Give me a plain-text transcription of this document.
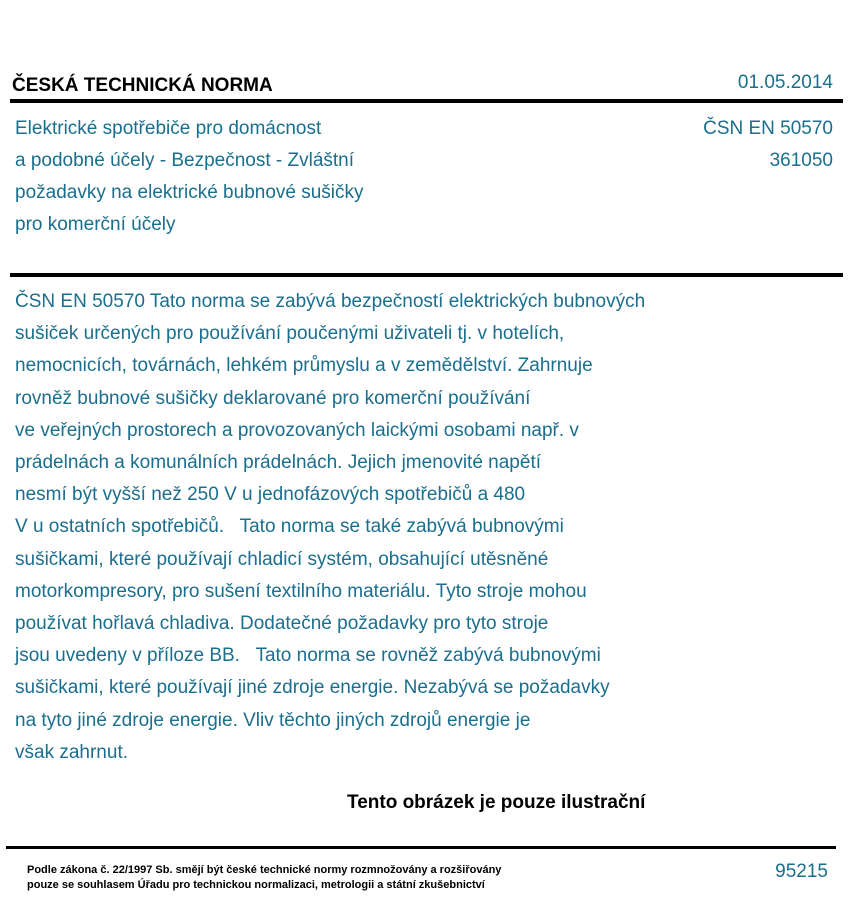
ČESKÁ TECHNICKÁ NORMA	01.05.2014
Elektrické spotřebiče pro domácnost
a podobné účely - Bezpečnost - Zvláštní
požadavky na elektrické bubnové sušičky
pro komerční účely
ČSN EN 50570
361050
ČSN EN 50570 Tato norma se zabývá bezpečností elektrických bubnových
sušiček určených pro používání poučenými uživateli tj. v hotelích,
nemocnicích, továrnách, lehkém průmyslu a v zemědělství. Zahrnuje
rovněž bubnové sušičky deklarované pro komerční používání
ve veřejných prostorech a provozovaných laickými osobami např. v
prádelnách a komunálních prádelnách. Jejich jmenovité napětí
nesmí být vyšší než 250 V u jednofázových spotřebičů a 480
V u ostatních spotřebičů.   Tato norma se také zabývá bubnovými
sušičkami, které používají chladicí systém, obsahující utěsněné
motorkompresory, pro sušení textilního materiálu. Tyto stroje mohou
používat hořlavá chladiva. Dodatečné požadavky pro tyto stroje
jsou uvedeny v příloze BB.   Tato norma se rovněž zabývá bubnovými
sušičkami, které používají jiné zdroje energie. Nezabývá se požadavky
na tyto jiné zdroje energie. Vliv těchto jiných zdrojů energie je
však zahrnut.
Tento obrázek je pouze ilustrační
Podle zákona č. 22/1997 Sb. smějí být české technické normy rozmnožovány a rozšiřovány
pouze se souhlasem Úřadu pro technickou normalizaci, metrologii a státní zkušebnictví
95215
